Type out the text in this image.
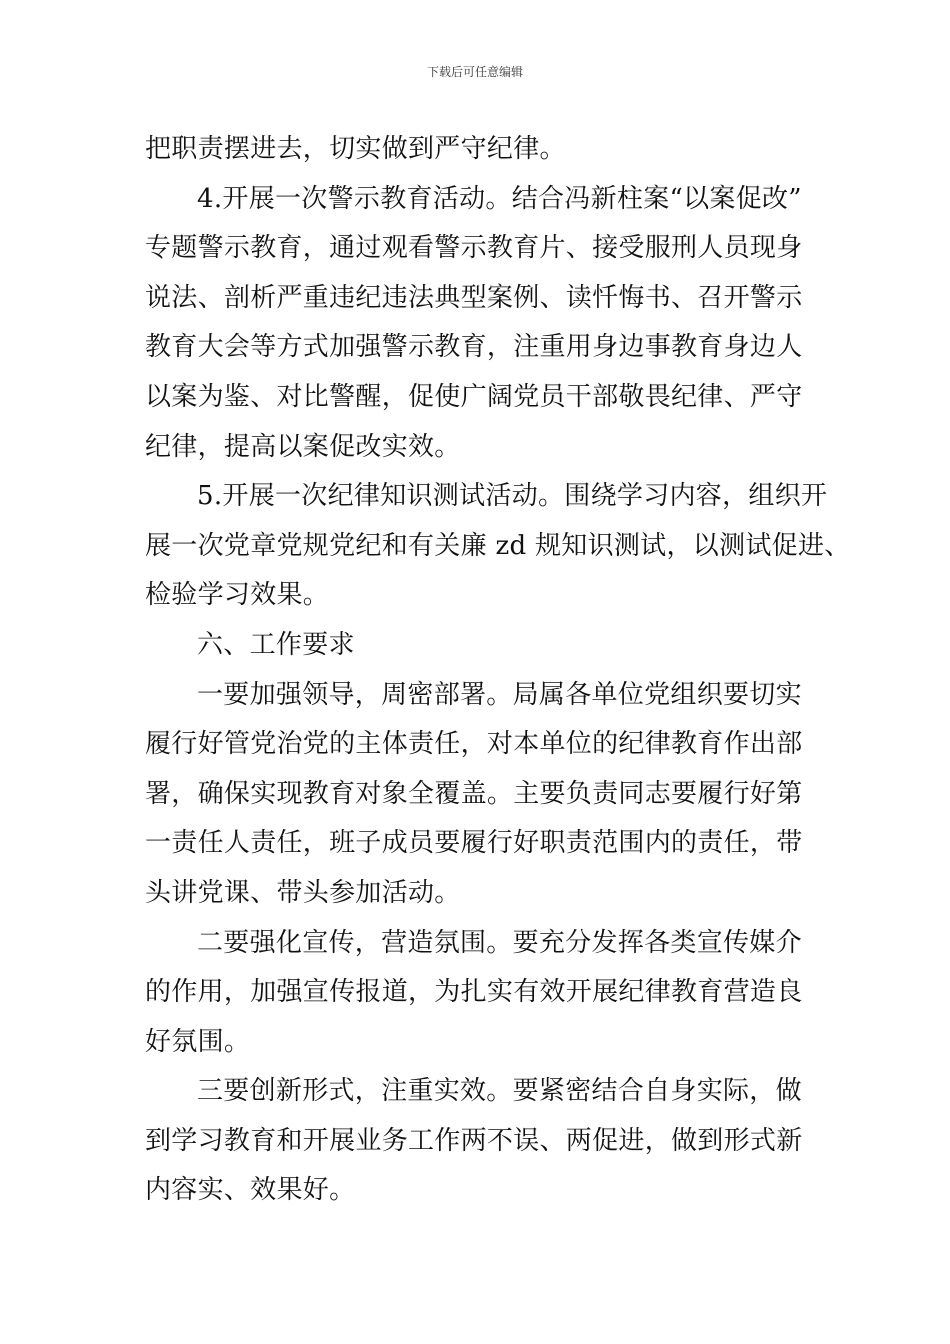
下载后可任意编辑
把职责摆进去，切实做到严守纪律。
4.开展一次警示教育活动。结合冯新柱案“以案促改”
专题警示教育，通过观看警示教育片、接受服刑人员现身
说法、剖析严重违纪违法典型案例、读忏悔书、召开警示
教育大会等方式加强警示教育，注重用身边事教育身边人
以案为鉴、对比警醒，促使广阔党员干部敬畏纪律、严守
纪律，提高以案促改实效。
5.开展一次纪律知识测试活动。围绕学习内容，组织开
展一次党章党规党纪和有关廉 zd 规知识测试，以测试促进、
检验学习效果。
六、工作要求
一要加强领导，周密部署。局属各单位党组织要切实
履行好管党治党的主体责任，对本单位的纪律教育作出部
署，确保实现教育对象全覆盖。主要负责同志要履行好第
一责任人责任，班子成员要履行好职责范围内的责任，带
头讲党课、带头参加活动。
二要强化宣传，营造氛围。要充分发挥各类宣传媒介
的作用，加强宣传报道，为扎实有效开展纪律教育营造良
好氛围。
三要创新形式，注重实效。要紧密结合自身实际，做
到学习教育和开展业务工作两不误、两促进，做到形式新
内容实、效果好。
